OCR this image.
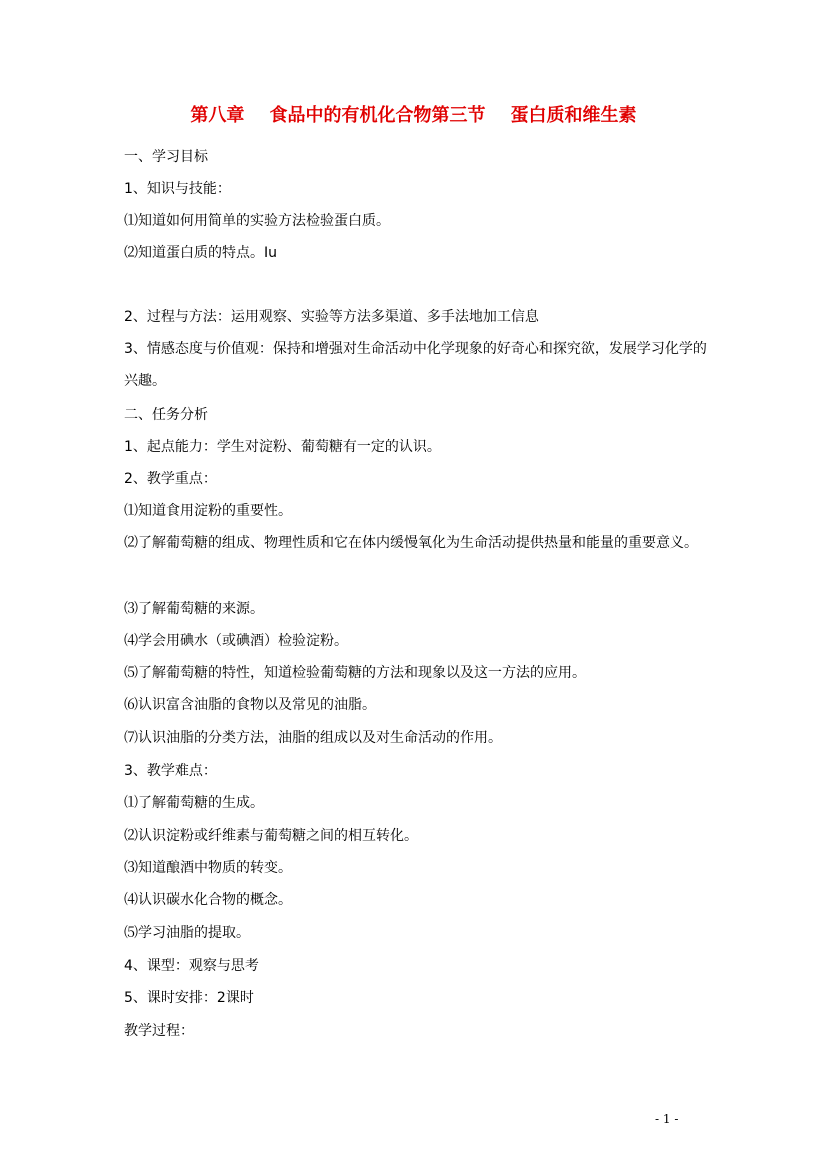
第八章    食品中的有机化合物第三节    蛋白质和维生素
一、学习目标
1、知识与技能：
⑴知道如何用简单的实验方法检验蛋白质。
⑵知道蛋白质的特点。Iu
2、过程与方法：运用观察、实验等方法多渠道、多手法地加工信息
3、情感态度与价值观：保持和增强对生命活动中化学现象的好奇心和探究欲，发展学习化学的兴趣。
二、任务分析
1、起点能力：学生对淀粉、葡萄糖有一定的认识。
2、教学重点：
⑴知道食用淀粉的重要性。
⑵了解葡萄糖的组成、物理性质和它在体内缓慢氧化为生命活动提供热量和能量的重要意义。
⑶了解葡萄糖的来源。
⑷学会用碘水（或碘酒）检验淀粉。
⑸了解葡萄糖的特性，知道检验葡萄糖的方法和现象以及这一方法的应用。
⑹认识富含油脂的食物以及常见的油脂。
⑺认识油脂的分类方法，油脂的组成以及对生命活动的作用。
3、教学难点：
⑴了解葡萄糖的生成。
⑵认识淀粉或纤维素与葡萄糖之间的相互转化。
⑶知道酿酒中物质的转变。
⑷认识碳水化合物的概念。
⑸学习油脂的提取。
4、课型：观察与思考
5、课时安排：2课时
教学过程：
- 1 -
